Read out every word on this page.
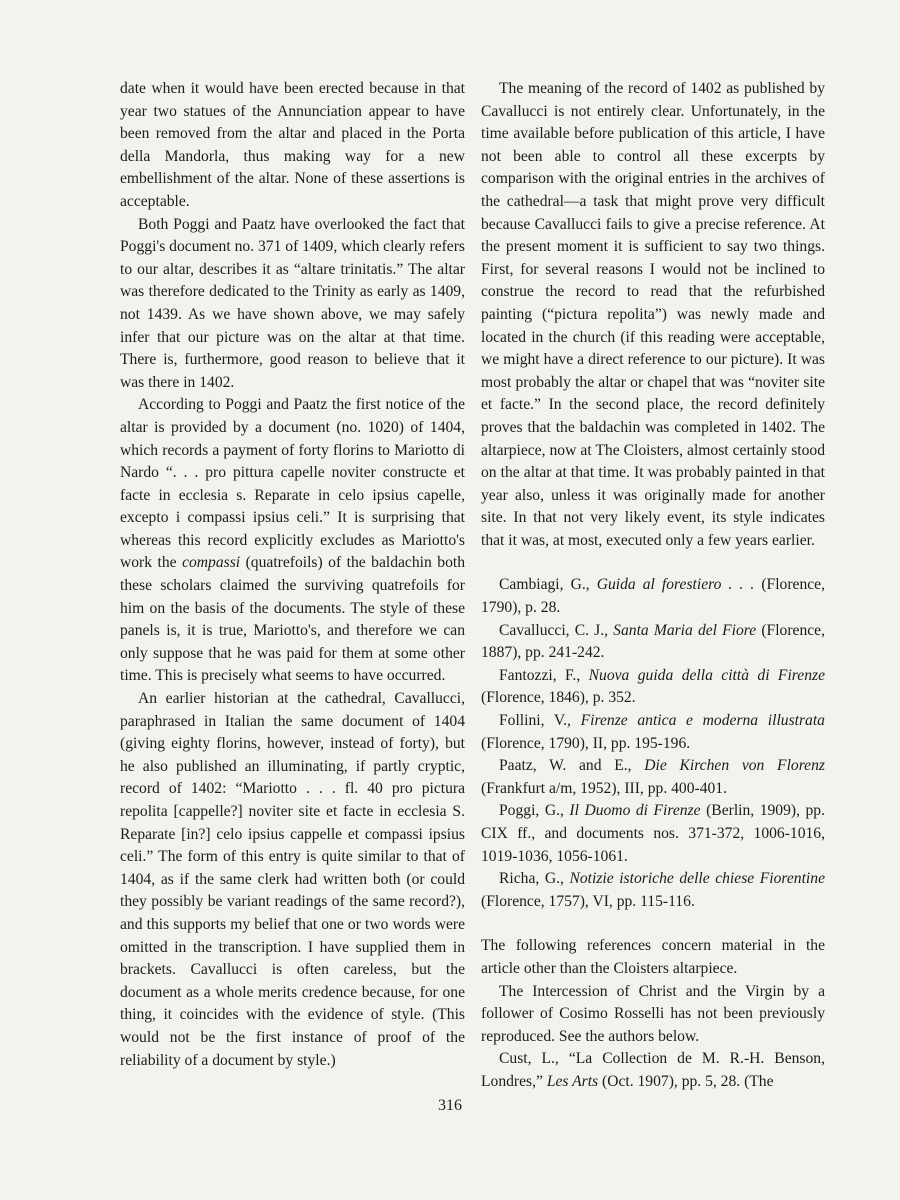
date when it would have been erected because in that year two statues of the Annunciation appear to have been removed from the altar and placed in the Porta della Mandorla, thus making way for a new embellishment of the altar. None of these assertions is acceptable.

Both Poggi and Paatz have overlooked the fact that Poggi's document no. 371 of 1409, which clearly refers to our altar, describes it as “altare trinitatis.” The altar was therefore dedicated to the Trinity as early as 1409, not 1439. As we have shown above, we may safely infer that our picture was on the altar at that time. There is, furthermore, good reason to believe that it was there in 1402.

According to Poggi and Paatz the first notice of the altar is provided by a document (no. 1020) of 1404, which records a payment of forty florins to Mariotto di Nardo “. . . pro pittura capelle noviter constructe et facte in ecclesia s. Reparate in celo ipsius capelle, excepto i compassi ipsius celi.” It is surprising that whereas this record explicitly excludes as Mariotto's work the compassi (quatrefoils) of the baldachin both these scholars claimed the surviving quatrefoils for him on the basis of the documents. The style of these panels is, it is true, Mariotto's, and therefore we can only suppose that he was paid for them at some other time. This is precisely what seems to have occurred.

An earlier historian at the cathedral, Cavallucci, paraphrased in Italian the same document of 1404 (giving eighty florins, however, instead of forty), but he also published an illuminating, if partly cryptic, record of 1402: “Mariotto . . . fl. 40 pro pictura repolita [cappelle?] noviter site et facte in ecclesia S. Reparate [in?] celo ipsius cappelle et compassi ipsius celi.” The form of this entry is quite similar to that of 1404, as if the same clerk had written both (or could they possibly be variant readings of the same record?), and this supports my belief that one or two words were omitted in the transcription. I have supplied them in brackets. Cavallucci is often careless, but the document as a whole merits credence because, for one thing, it coincides with the evidence of style. (This would not be the first instance of proof of the reliability of a document by style.)

The meaning of the record of 1402 as published by Cavallucci is not entirely clear. Unfortunately, in the time available before publication of this article, I have not been able to control all these excerpts by comparison with the original entries in the archives of the cathedral—a task that might prove very difficult because Cavallucci fails to give a precise reference. At the present moment it is sufficient to say two things. First, for several reasons I would not be inclined to construe the record to read that the refurbished painting (“pictura repolita”) was newly made and located in the church (if this reading were acceptable, we might have a direct reference to our picture). It was most probably the altar or chapel that was “noviter site et facte.” In the second place, the record definitely proves that the baldachin was completed in 1402. The altarpiece, now at The Cloisters, almost certainly stood on the altar at that time. It was probably painted in that year also, unless it was originally made for another site. In that not very likely event, its style indicates that it was, at most, executed only a few years earlier.

Cambiagi, G., Guida al forestiero . . . (Florence, 1790), p. 28.

Cavallucci, C. J., Santa Maria del Fiore (Florence, 1887), pp. 241-242.

Fantozzi, F., Nuova guida della città di Firenze (Florence, 1846), p. 352.

Follini, V., Firenze antica e moderna illustrata (Florence, 1790), II, pp. 195-196.

Paatz, W. and E., Die Kirchen von Florenz (Frankfurt a/m, 1952), III, pp. 400-401.

Poggi, G., Il Duomo di Firenze (Berlin, 1909), pp. CIX ff., and documents nos. 371-372, 1006-1016, 1019-1036, 1056-1061.

Richa, G., Notizie istoriche delle chiese Fiorentine (Florence, 1757), VI, pp. 115-116.

The following references concern material in the article other than the Cloisters altarpiece.

The Intercession of Christ and the Virgin by a follower of Cosimo Rosselli has not been previously reproduced. See the authors below.

Cust, L., “La Collection de M. R.-H. Benson, Londres,” Les Arts (Oct. 1907), pp. 5, 28. (The

316
